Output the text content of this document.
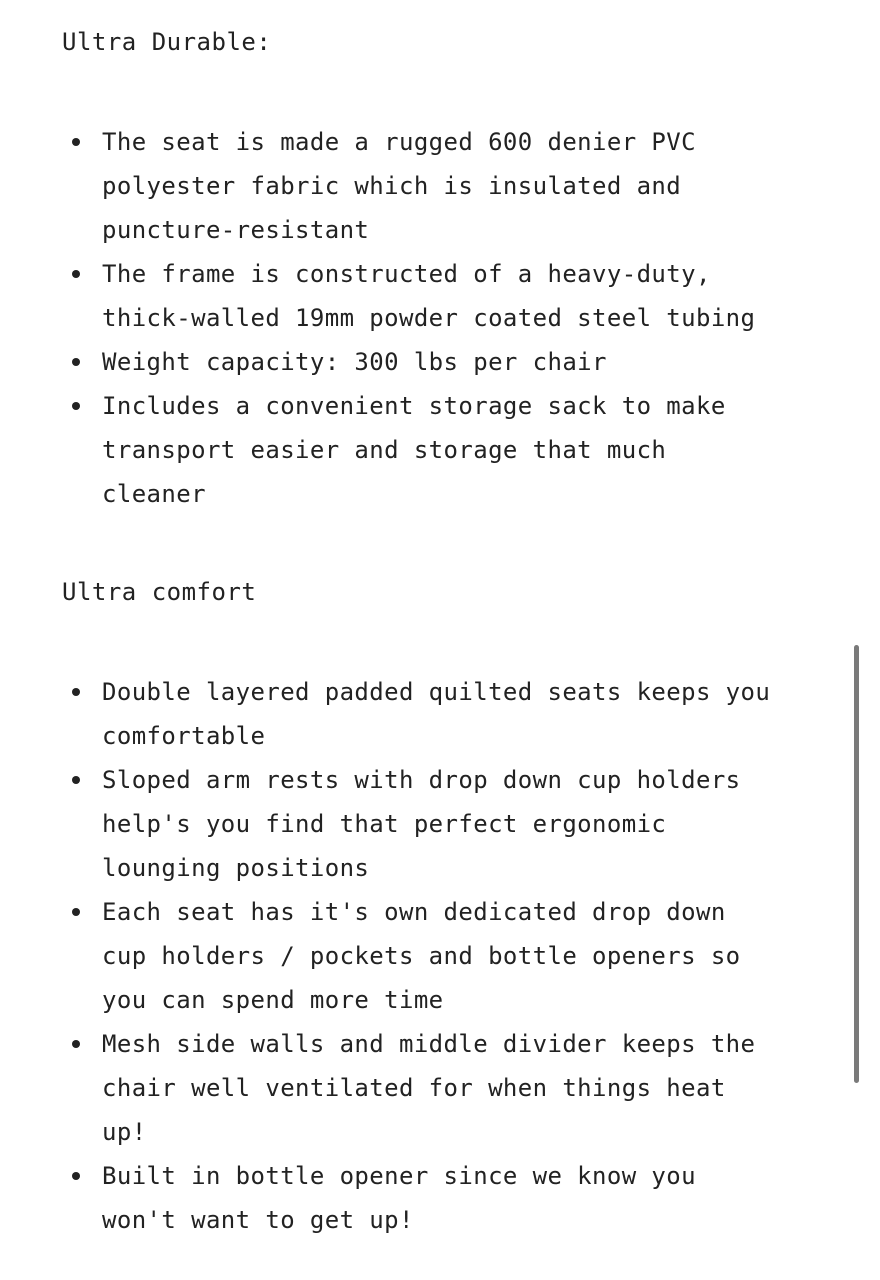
Ultra Durable:
The seat is made a rugged 600 denier PVC
polyester fabric which is insulated and
puncture-resistant
The frame is constructed of a heavy-duty,
thick-walled 19mm powder coated steel tubing
Weight capacity: 300 lbs per chair
Includes a convenient storage sack to make
transport easier and storage that much
cleaner
Ultra comfort
Double layered padded quilted seats keeps you
comfortable
Sloped arm rests with drop down cup holders
help's you find that perfect ergonomic
lounging positions
Each seat has it's own dedicated drop down
cup holders / pockets and bottle openers so
you can spend more time
Mesh side walls and middle divider keeps the
chair well ventilated for when things heat
up!
Built in bottle opener since we know you
won't want to get up!
